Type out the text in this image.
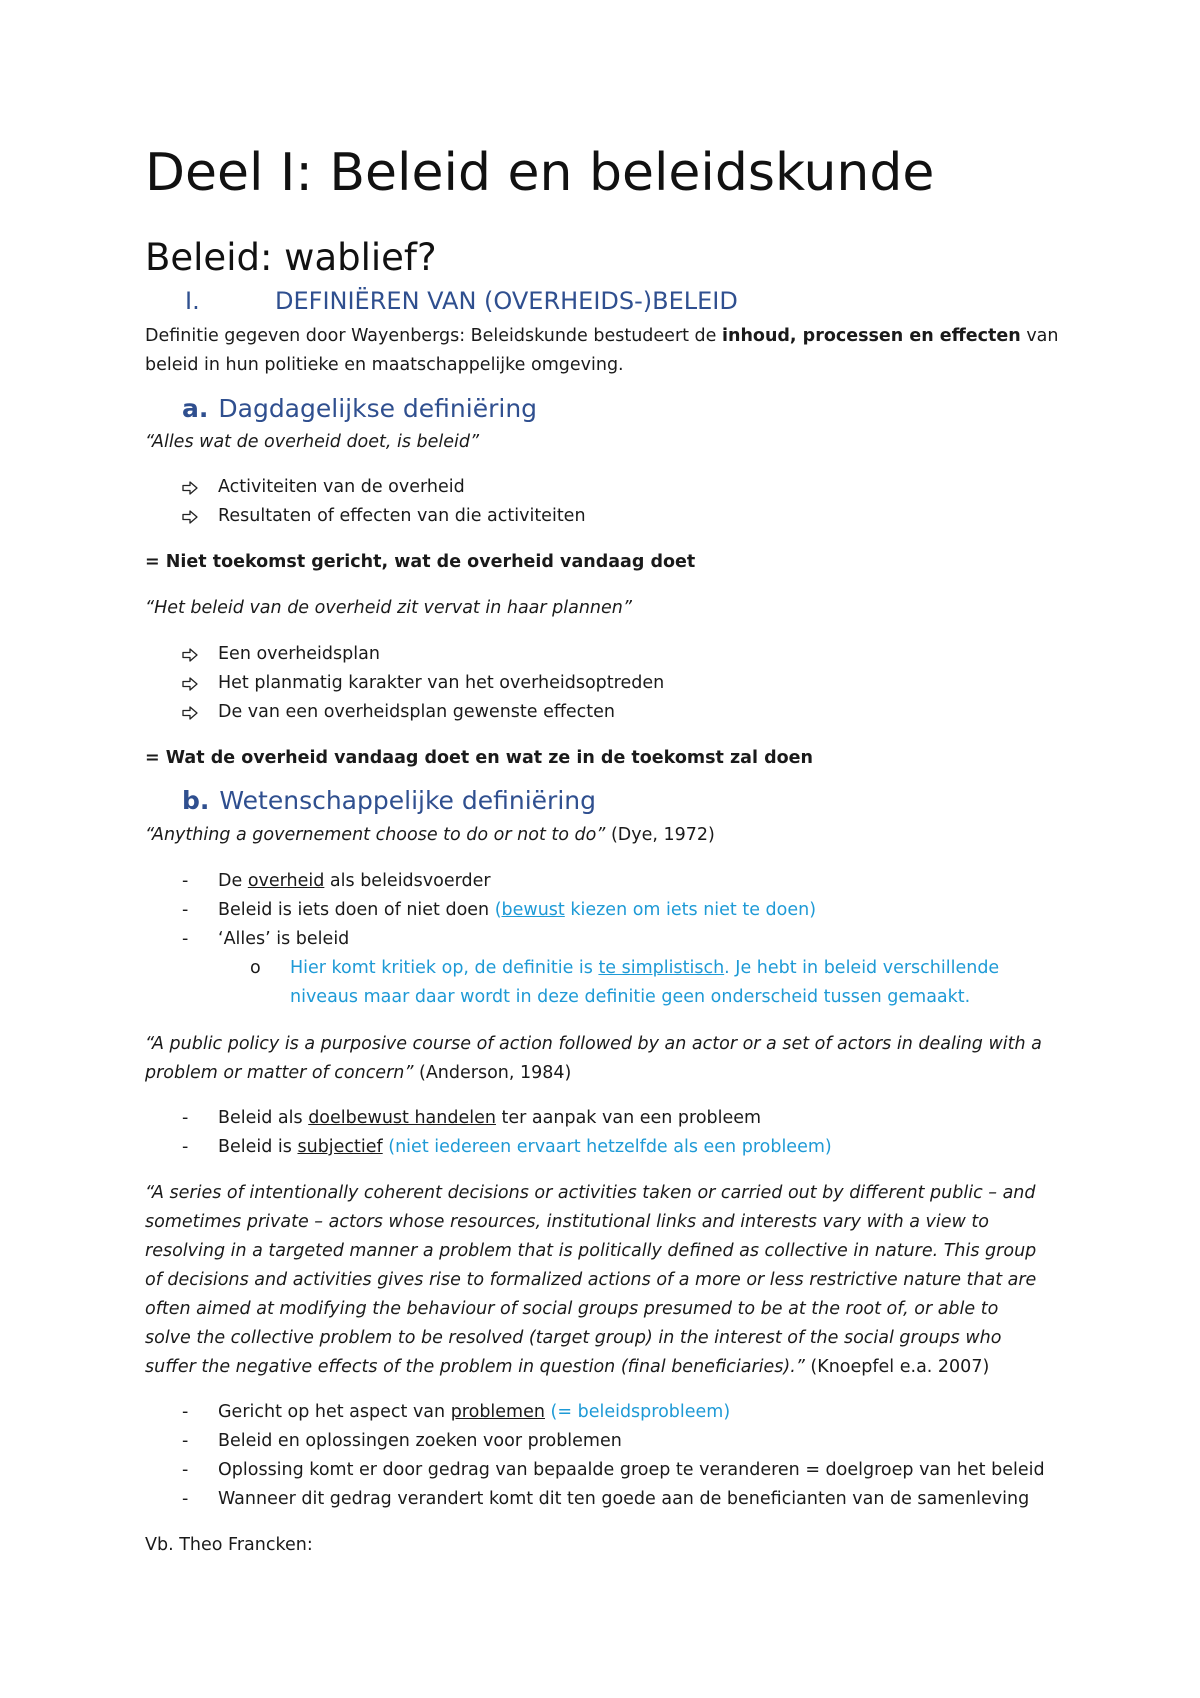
Deel I: Beleid en beleidskunde
Beleid: wablief?
I.	DEFINIËREN VAN (OVERHEIDS-)BELEID

Definitie gegeven door Wayenbergs: Beleidskunde bestudeert de inhoud, processen en effecten van
beleid in hun politieke en maatschappelijke omgeving.

a. Dagdagelijkse definiëring

“Alles wat de overheid doet, is beleid”

Activiteiten van de overheid
Resultaten of effecten van die activiteiten

= Niet toekomst gericht, wat de overheid vandaag doet

“Het beleid van de overheid zit vervat in haar plannen”

Een overheidsplan
Het planmatig karakter van het overheidsoptreden
De van een overheidsplan gewenste effecten

= Wat de overheid vandaag doet en wat ze in de toekomst zal doen

b. Wetenschappelijke definiëring

“Anything a governement choose to do or not to do” (Dye, 1972)

- De overheid als beleidsvoerder
- Beleid is iets doen of niet doen (bewust kiezen om iets niet te doen)
- ‘Alles’ is beleid
o Hier komt kritiek op, de definitie is te simplistisch. Je hebt in beleid verschillende
niveaus maar daar wordt in deze definitie geen onderscheid tussen gemaakt.

“A public policy is a purposive course of action followed by an actor or a set of actors in dealing with a
problem or matter of concern” (Anderson, 1984)

- Beleid als doelbewust handelen ter aanpak van een probleem
- Beleid is subjectief (niet iedereen ervaart hetzelfde als een probleem)

“A series of intentionally coherent decisions or activities taken or carried out by different public – and
sometimes private – actors whose resources, institutional links and interests vary with a view to
resolving in a targeted manner a problem that is politically defined as collective in nature. This group
of decisions and activities gives rise to formalized actions of a more or less restrictive nature that are
often aimed at modifying the behaviour of social groups presumed to be at the root of, or able to
solve the collective problem to be resolved (target group) in the interest of the social groups who
suffer the negative effects of the problem in question (final beneficiaries).” (Knoepfel e.a. 2007)

- Gericht op het aspect van problemen (= beleidsprobleem)
- Beleid en oplossingen zoeken voor problemen
- Oplossing komt er door gedrag van bepaalde groep te veranderen = doelgroep van het beleid
- Wanneer dit gedrag verandert komt dit ten goede aan de beneficianten van de samenleving

Vb. Theo Francken:
